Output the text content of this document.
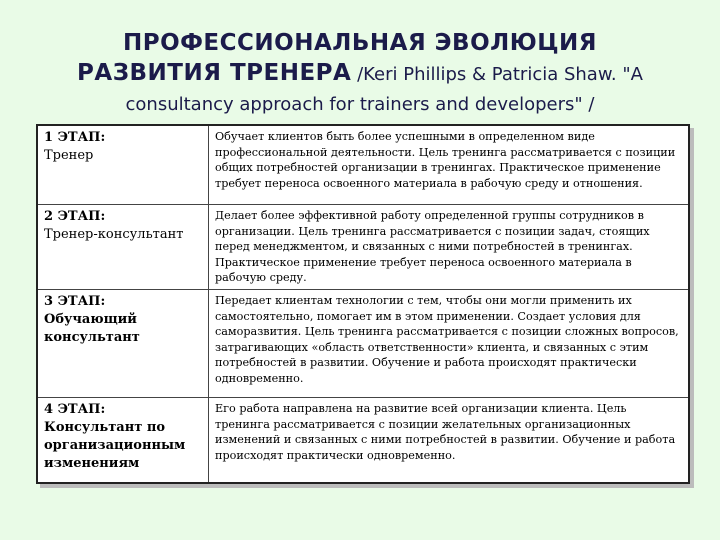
ПРОФЕССИОНАЛЬНАЯ ЭВОЛЮЦИЯ
РАЗВИТИЯ ТРЕНЕРА /Keri Phillips & Patricia Shaw. "A
consultancy approach for trainers and developers" /
1 ЭТАП:
Тренер	Обучает клиентов быть более успешными в определенном виде профессиональной деятельности. Цель тренинга рассматривается с позиции общих потребностей организации в тренингах. Практическое применение требует переноса освоенного материала в рабочую среду и отношения.

2 ЭТАП:
Тренер-консультант	Делает более эффективной работу определенной группы сотрудников в организации. Цель тренинга рассматривается с позиции задач, стоящих перед менеджментом, и связанных с ними потребностей в тренингах. Практическое применение требует переноса освоенного материала в рабочую среду.

3 ЭТАП:
Обучающий консультант	Передает клиентам технологии с тем, чтобы они могли применить их самостоятельно, помогает им в этом применении. Создает условия для саморазвития. Цель тренинга рассматривается с позиции сложных вопросов, затрагивающих «область ответственности» клиента, и связанных с этим потребностей в развитии. Обучение и работа происходят практически одновременно.

4 ЭТАП:
Консультант по организационным изменениям	Его работа направлена на развитие всей организации клиента. Цель тренинга рассматривается с позиции желательных организационных изменений и связанных с ними потребностей в развитии. Обучение и работа происходят практически одновременно.
